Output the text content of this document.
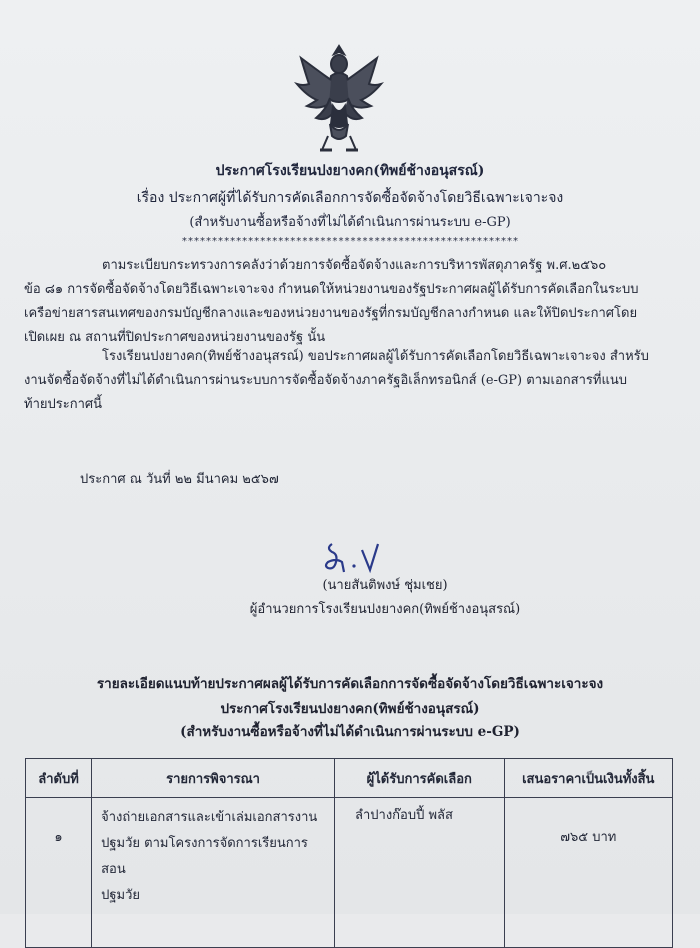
ประกาศโรงเรียนปงยางคก(ทิพย์ช้างอนุสรณ์)
เรื่อง ประกาศผู้ที่ได้รับการคัดเลือกการจัดซื้อจัดจ้างโดยวิธีเฉพาะเจาะจง
(สำหรับงานซื้อหรือจ้างที่ไม่ได้ดำเนินการผ่านระบบ e-GP)
********************************************************
ตามระเบียบกระทรวงการคลังว่าด้วยการจัดซื้อจัดจ้างและการบริหารพัสดุภาครัฐ พ.ศ.๒๕๖๐
ข้อ ๘๑ การจัดซื้อจัดจ้างโดยวิธีเฉพาะเจาะจง กำหนดให้หน่วยงานของรัฐประกาศผลผู้ได้รับการคัดเลือกในระบบ
เครือข่ายสารสนเทศของกรมบัญชีกลางและของหน่วยงานของรัฐที่กรมบัญชีกลางกำหนด และให้ปิดประกาศโดย
เปิดเผย ณ สถานที่ปิดประกาศของหน่วยงานของรัฐ นั้น
โรงเรียนปงยางคก(ทิพย์ช้างอนุสรณ์) ขอประกาศผลผู้ได้รับการคัดเลือกโดยวิธีเฉพาะเจาะจง สำหรับ
งานจัดซื้อจัดจ้างที่ไม่ได้ดำเนินการผ่านระบบการจัดซื้อจัดจ้างภาครัฐอิเล็กทรอนิกส์ (e-GP) ตามเอกสารที่แนบ
ท้ายประกาศนี้
ประกาศ ณ วันที่ ๒๒ มีนาคม ๒๕๖๗
(นายสันติพงษ์ ชุ่มเชย)
ผู้อำนวยการโรงเรียนปงยางคก(ทิพย์ช้างอนุสรณ์)
รายละเอียดแนบท้ายประกาศผลผู้ได้รับการคัดเลือกการจัดซื้อจัดจ้างโดยวิธีเฉพาะเจาะจง
ประกาศโรงเรียนปงยางคก(ทิพย์ช้างอนุสรณ์)
(สำหรับงานซื้อหรือจ้างที่ไม่ได้ดำเนินการผ่านระบบ e-GP)
ลำดับที่	รายการพิจารณา	ผู้ได้รับการคัดเลือก	เสนอราคาเป็นเงินทั้งสิ้น
๑	จ้างถ่ายเอกสารและเข้าเล่มเอกสารงาน
ปฐมวัย ตามโครงการจัดการเรียนการสอน
ปฐมวัย	ลำปางก๊อบปี้ พลัส	๗๖๕ บาท
